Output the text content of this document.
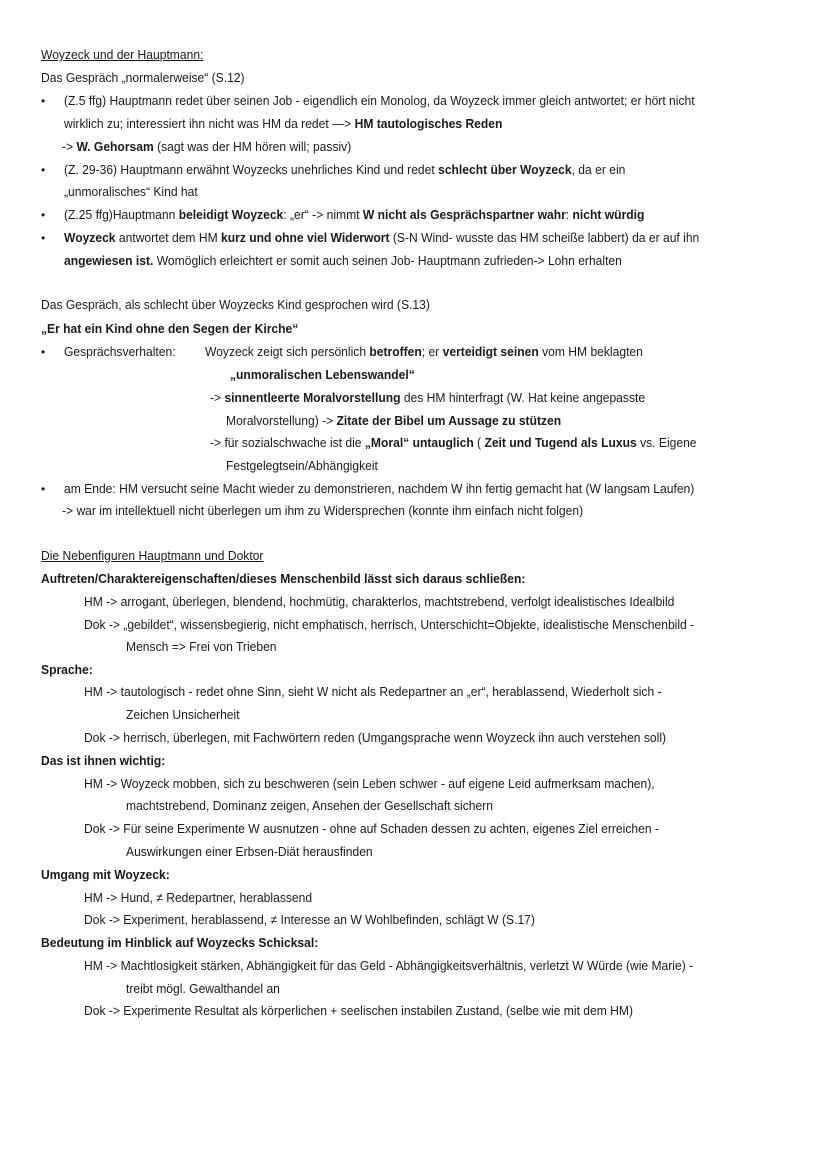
Woyzeck und der Hauptmann:
Das Gespräch „normalerweise“ (S.12)
• (Z.5 ffg) Hauptmann redet über seinen Job - eigendlich ein Monolog, da Woyzeck immer gleich antwortet; er hört nicht
wirklich zu; interessiert ihn nicht was HM da redet —> HM tautologisches Reden
-> W. Gehorsam (sagt was der HM hören will; passiv)
• (Z. 29-36) Hauptmann erwähnt Woyzecks unehrliches Kind und redet schlecht über Woyzeck, da er ein
„unmoralisches“ Kind hat
• (Z.25 ffg)Hauptmann beleidigt Woyzeck: „er“ -> nimmt W nicht als Gesprächspartner wahr: nicht würdig
• Woyzeck antwortet dem HM kurz und ohne viel Widerwort (S-N Wind- wusste das HM scheiße labbert) da er auf ihn
angewiesen ist. Womöglich erleichtert er somit auch seinen Job- Hauptmann zufrieden-> Lohn erhalten
Das Gespräch, als schlecht über Woyzecks Kind gesprochen wird (S.13)
„Er hat ein Kind ohne den Segen der Kirche“
• Gesprächsverhalten: Woyzeck zeigt sich persönlich betroffen; er verteidigt seinen vom HM beklagten
„unmoralischen Lebenswandel“
-> sinnentleerte Moralvorstellung des HM hinterfragt (W. Hat keine angepasste
Moralvorstellung) -> Zitate der Bibel um Aussage zu stützen
-> für sozialschwache ist die „Moral“ untauglich ( Zeit und Tugend als Luxus vs. Eigene
Festgelegtsein/Abhängigkeit
• am Ende: HM versucht seine Macht wieder zu demonstrieren, nachdem W ihn fertig gemacht hat (W langsam Laufen)
-> war im intellektuell nicht überlegen um ihm zu Widersprechen (konnte ihm einfach nicht folgen)
Die Nebenfiguren Hauptmann und Doktor
Auftreten/Charaktereigenschaften/dieses Menschenbild lässt sich daraus schließen:
HM -> arrogant, überlegen, blendend, hochmütig, charakterlos, machtstrebend, verfolgt idealistisches Idealbild
Dok -> „gebildet“, wissensbegierig, nicht emphatisch, herrisch, Unterschicht=Objekte, idealistische Menschenbild -
Mensch => Frei von Trieben
Sprache:
HM -> tautologisch - redet ohne Sinn, sieht W nicht als Redepartner an „er“, herablassend, Wiederholt sich -
Zeichen Unsicherheit
Dok -> herrisch, überlegen, mit Fachwörtern reden (Umgangsprache wenn Woyzeck ihn auch verstehen soll)
Das ist ihnen wichtig:
HM -> Woyzeck mobben, sich zu beschweren (sein Leben schwer - auf eigene Leid aufmerksam machen),
machtstrebend, Dominanz zeigen, Ansehen der Gesellschaft sichern
Dok -> Für seine Experimente W ausnutzen - ohne auf Schaden dessen zu achten, eigenes Ziel erreichen -
Auswirkungen einer Erbsen-Diät herausfinden
Umgang mit Woyzeck:
HM -> Hund, ≠ Redepartner, herablassend
Dok -> Experiment, herablassend, ≠ Interesse an W Wohlbefinden, schlägt W (S.17)
Bedeutung im Hinblick auf Woyzecks Schicksal:
HM -> Machtlosigkeit stärken, Abhängigkeit für das Geld - Abhängigkeitsverhältnis, verletzt W Würde (wie Marie) -
treibt mögl. Gewalthandel an
Dok -> Experimente Resultat als körperlichen + seelischen instabilen Zustand, (selbe wie mit dem HM)
